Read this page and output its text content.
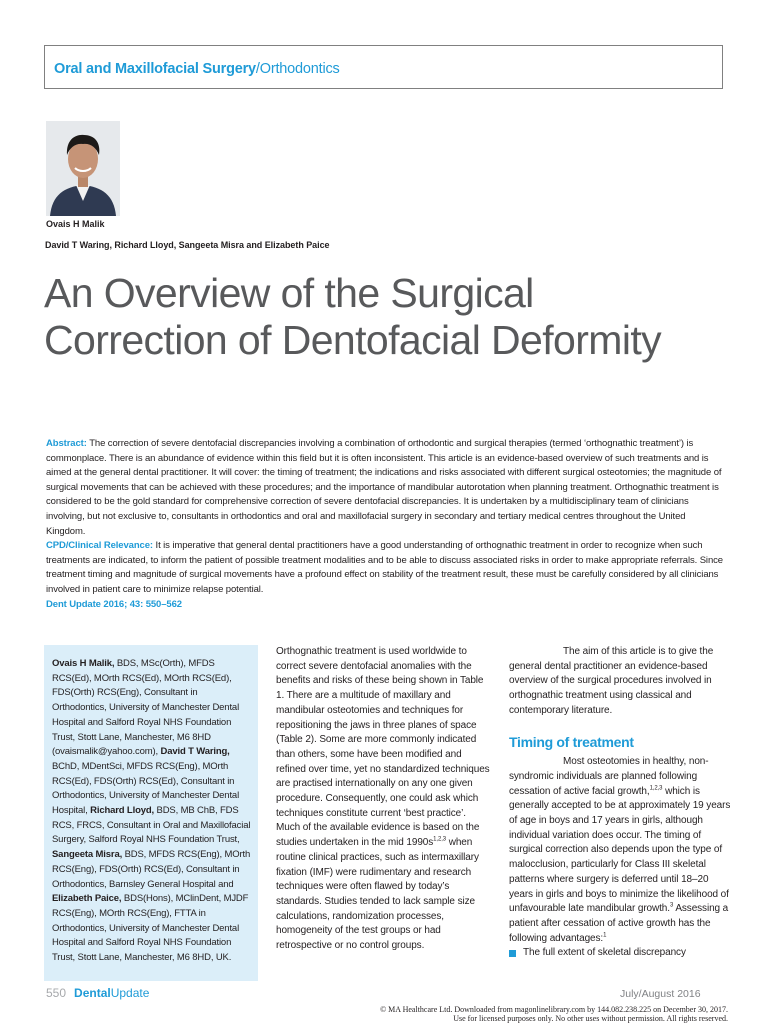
Oral and Maxillofacial Surgery/Orthodontics
Ovais H Malik
David T Waring, Richard Lloyd, Sangeeta Misra and Elizabeth Paice
An Overview of the Surgical Correction of Dentofacial Deformity

Abstract: The correction of severe dentofacial discrepancies involving a combination of orthodontic and surgical therapies (termed ‘orthognathic treatment’) is commonplace. There is an abundance of evidence within this field but it is often inconsistent. This article is an evidence-based overview of such treatments and is aimed at the general dental practitioner. It will cover: the timing of treatment; the indications and risks associated with different surgical osteotomies; the magnitude of surgical movements that can be achieved with these procedures; and the importance of mandibular autorotation when planning treatment. Orthognathic treatment is considered to be the gold standard for comprehensive correction of severe dentofacial discrepancies. It is undertaken by a multidisciplinary team of clinicians involving, but not exclusive to, consultants in orthodontics and oral and maxillofacial surgery in secondary and tertiary medical centres throughout the United Kingdom.

CPD/Clinical Relevance: It is imperative that general dental practitioners have a good understanding of orthognathic treatment in order to recognize when such treatments are indicated, to inform the patient of possible treatment modalities and to be able to discuss associated risks in order to make appropriate referrals. Since treatment timing and magnitude of surgical movements have a profound effect on stability of the treatment result, these must be carefully considered by all clinicians involved in patient care to minimize relapse potential.

Dent Update 2016; 43: 550–562

Ovais H Malik, BDS, MSc(Orth), MFDS RCS(Ed), MOrth RCS(Ed), MOrth RCS(Ed), FDS(Orth) RCS(Eng), Consultant in Orthodontics, University of Manchester Dental Hospital and Salford Royal NHS Foundation Trust, Stott Lane, Manchester, M6 8HD (ovaismalik@yahoo.com), David T Waring, BChD, MDentSci, MFDS RCS(Eng), MOrth RCS(Ed), FDS(Orth) RCS(Ed), Consultant in Orthodontics, University of Manchester Dental Hospital, Richard Lloyd, BDS, MB ChB, FDS RCS, FRCS, Consultant in Oral and Maxillofacial Surgery, Salford Royal NHS Foundation Trust, Sangeeta Misra, BDS, MFDS RCS(Eng), MOrth RCS(Eng), FDS(Orth) RCS(Ed), Consultant in Orthodontics, Barnsley General Hospital and Elizabeth Paice, BDS(Hons), MClinDent, MJDF RCS(Eng), MOrth RCS(Eng), FTTA in Orthodontics, University of Manchester Dental Hospital and Salford Royal NHS Foundation Trust, Stott Lane, Manchester, M6 8HD, UK.

Orthognathic treatment is used worldwide to correct severe dentofacial anomalies with the benefits and risks of these being shown in Table 1. There are a multitude of maxillary and mandibular osteotomies and techniques for repositioning the jaws in three planes of space (Table 2). Some are more commonly indicated than others, some have been modified and refined over time, yet no standardized techniques are practised internationally on any one given procedure. Consequently, one could ask which techniques constitute current ‘best practice’. Much of the available evidence is based on the studies undertaken in the mid $1990s^{1,2,3}$ when routine clinical practices, such as intermaxillary fixation (IMF) were rudimentary and research techniques were often flawed by today’s standards. Studies tended to lack sample size calculations, randomization processes, homogeneity of the test groups or had retrospective or no control groups.

The aim of this article is to give the general dental practitioner an evidence-based overview of the surgical procedures involved in orthognathic treatment using classical and contemporary literature.

Timing of treatment

Most osteotomies in healthy, non-syndromic individuals are planned following cessation of active facial growth,$^{1,2,3}$ which is generally accepted to be at approximately 19 years of age in boys and 17 years in girls, although individual variation does occur. The timing of surgical correction also depends upon the type of malocclusion, particularly for Class III skeletal patterns where surgery is deferred until 18–20 years in girls and boys to minimize the likelihood of unfavourable late mandibular growth.$^3$ Assessing a patient after cessation of active growth has the following advantages:$^1$

The full extent of skeletal discrepancy
550 DentalUpdate	July/August 2016
© MA Healthcare Ltd. Downloaded from magonlinelibrary.com by 144.082.238.225 on December 30, 2017.
Use for licensed purposes only. No other uses without permission. All rights reserved.
